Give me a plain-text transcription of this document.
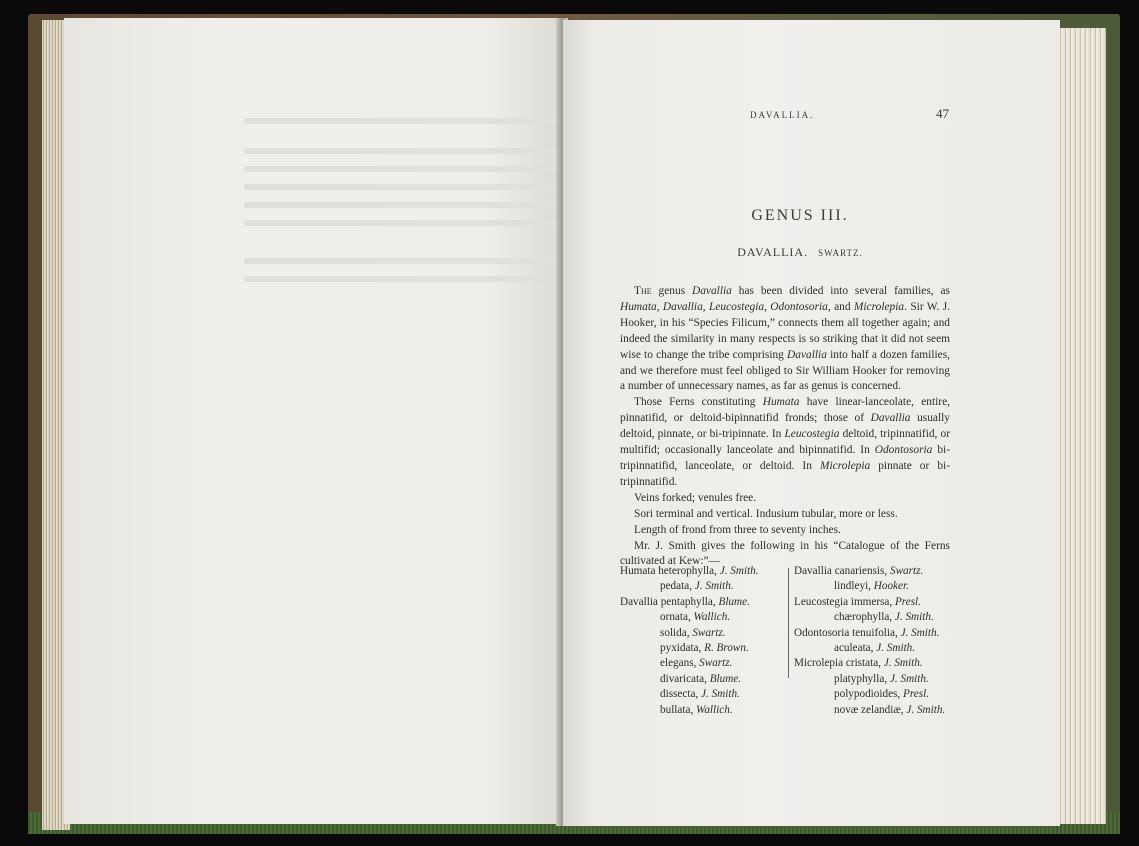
DAVALLIA.	47
GENUS III.
DAVALLIA. SWARTZ.

The genus Davallia has been divided into several families, as Humata, Davallia, Leucostegia, Odontosoria, and Microlepia. Sir W. J. Hooker, in his “Species Filicum,” connects them all together again; and indeed the similarity in many respects is so striking that it did not seem wise to change the tribe comprising Davallia into half a dozen families, and we therefore must feel obliged to Sir William Hooker for removing a number of unnecessary names, as far as genus is concerned.

Those Ferns constituting Humata have linear-lanceolate, entire, pinnatifid, or deltoid-bipinnatifid fronds; those of Davallia usually deltoid, pinnate, or bi-tripinnate. In Leucostegia deltoid, tripinnatifid, or multifid; occasionally lanceolate and bipinnatifid. In Odontosoria bi-tripinnatifid, lanceolate, or deltoid. In Microlepia pinnate or bi-tripinnatifid.

Veins forked; venules free.

Sori terminal and vertical. Indusium tubular, more or less.

Length of frond from three to seventy inches.

Mr. J. Smith gives the following in his “Catalogue of the Ferns cultivated at Kew:”—

Humata heterophylla, J. Smith.
pedata, J. Smith.
Davallia pentaphylla, Blume.
ornata, Wallich.
solida, Swartz.
pyxidata, R. Brown.
elegans, Swartz.
divaricata, Blume.
dissecta, J. Smith.
bullata, Wallich.
Davallia canariensis, Swartz.
lindleyi, Hooker.
Leucostegia immersa, Presl.
chærophylla, J. Smith.
Odontosoria tenuifolia, J. Smith.
aculeata, J. Smith.
Microlepia cristata, J. Smith.
platyphylla, J. Smith.
polypodioides, Presl.
novæ zelandiæ, J. Smith.
